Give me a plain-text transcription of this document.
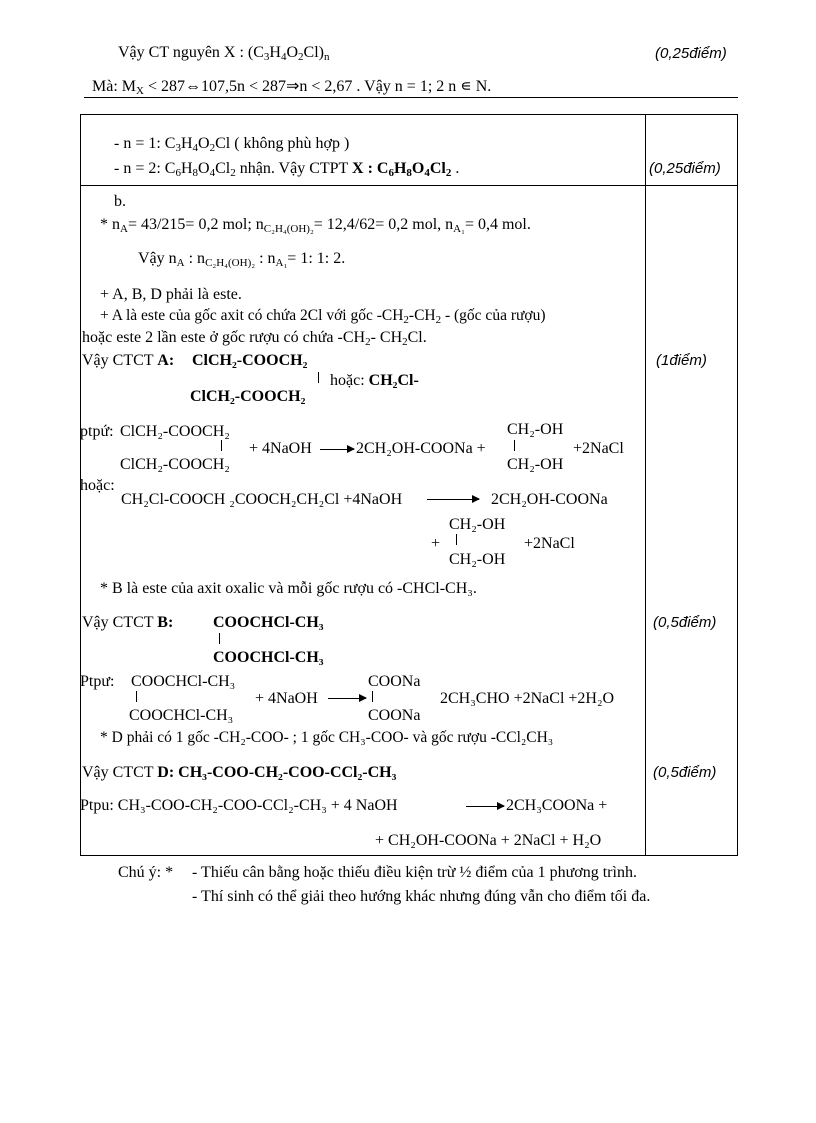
Vậy CT nguyên X : $(C_3H_4O_2Cl)_n$	(0,25điểm)
Mà: $M_X$ < 287⇔107,5n < 287⇒n < 2,67 . Vậy n = 1; 2 n ∊ N.
- n = 1: $C_3H_4O_2Cl$ ( không phù hợp )
- n = 2: $C_6H_8O_4Cl_2$ nhận. Vậy CTPT X : $C_6H_8O_4Cl_2$ .	(0,25điểm)
b.
* $n_A= 43/215= 0,2$ mol; $n_{C_2H_4(OH)_2}= 12,4/62= 0,2$ mol, $n_{A_1}= 0,4$ mol.
Vậy $n_A$ : $n_{C_2H_4(OH)_2}$ : $n_{A_1}= 1$: 1: 2.
+ A, B, D phải là este.
+ A là este của gốc axit có chứa 2Cl với gốc $-CH_2-CH_2$ - (gốc của rượu)
hoặc este 2 lần este ở gốc rượu có chứa $-CH_2-$ $CH_2Cl$.
Vậy CTCT A: ClCH₂-COOCH₂
hoặc: CH₂Cl-
ClCH₂-COOCH₂
(1điểm)
ptpứ: ClCH₂-COOCH₂
ClCH₂-COOCH₂
+ 4NaOH	2CH₂OH-COONa +
CH₂-OH
CH₂-OH
+2NaCl
hoặc:
CH₂Cl-COOCH ₂COOCH₂CH₂Cl +4NaOH	2CH₂OH-COONa
CH₂-OH
+
CH₂-OH
+2NaCl
* B là este của axit oxalic và mỗi gốc rượu có -CHCl-CH₃.
Vậy CTCT B: COOCHCl-CH₃
COOCHCl-CH₃
(0,5điểm)
Ptpư: COOCHCl-CH₃
COOCHCl-CH₃
+ 4NaOH
COONa
COONa
2CH₃CHO +2NaCl +2H₂O
* D phải có 1 gốc -CH₂-COO- ; 1 gốc CH₃-COO- và gốc rượu -CCl₂CH₃
Vậy CTCT D: CH₃-COO-CH₂-COO-CCl₂-CH₃	(0,5điểm)
Ptpu: CH₃-COO-CH₂-COO-CCl₂-CH₃ + 4 NaOH	2CH₃COONa +
+ CH₂OH-COONa + 2NaCl + H₂O
Chú ý: * - Thiếu cân bằng hoặc thiếu điều kiện trừ ½ điểm của 1 phương trình.
- Thí sinh có thể giải theo hướng khác nhưng đúng vẫn cho điểm tối đa.
